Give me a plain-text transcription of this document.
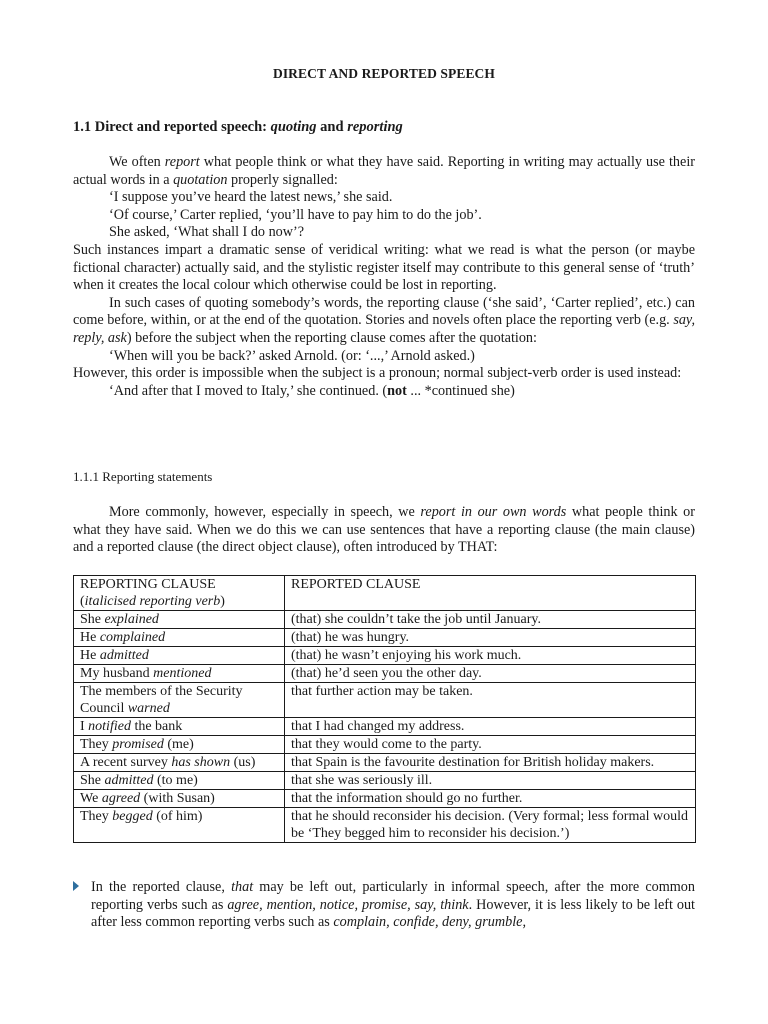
DIRECT AND REPORTED SPEECH
1.1 Direct and reported speech: quoting and reporting

We often report what people think or what they have said. Reporting in writing may actually use their actual words in a quotation properly signalled:

‘I suppose you’ve heard the latest news,’ she said.

‘Of course,’ Carter replied, ‘you’ll have to pay him to do the job’.

She asked, ‘What shall I do now’?

Such instances impart a dramatic sense of veridical writing: what we read is what the person (or maybe fictional character) actually said, and the stylistic register itself may contribute to this general sense of ‘truth’ when it creates the local colour which otherwise could be lost in reporting.

In such cases of quoting somebody’s words, the reporting clause (‘she said’, ‘Carter replied’, etc.) can come before, within, or at the end of the quotation. Stories and novels often place the reporting verb (e.g. say, reply, ask) before the subject when the reporting clause comes after the quotation:

‘When will you be back?’ asked Arnold. (or: ‘...,’ Arnold asked.)

However, this order is impossible when the subject is a pronoun; normal subject-verb order is used instead:

‘And after that I moved to Italy,’ she continued. (not ... *continued she)

1.1.1 Reporting statements

More commonly, however, especially in speech, we report in our own words what people think or what they have said. When we do this we can use sentences that have a reporting clause (the main clause) and a reported clause (the direct object clause), often introduced by THAT:

REPORTING CLAUSE
(italicised reporting verb)	REPORTED CLAUSE
She explained	(that) she couldn’t take the job until January.
He complained	(that) he was hungry.
He admitted	(that) he wasn’t enjoying his work much.
My husband mentioned	(that) he’d seen you the other day.
The members of the Security Council warned	that further action may be taken.
I notified the bank	that I had changed my address.
They promised (me)	that they would come to the party.
A recent survey has shown (us)	that Spain is the favourite destination for British holiday makers.
She admitted (to me)	that she was seriously ill.
We agreed (with Susan)	that the information should go no further.
They begged (of him)	that he should reconsider his decision. (Very formal; less formal would be ‘They begged him to reconsider his decision.’)

In the reported clause, that may be left out, particularly in informal speech, after the more common reporting verbs such as agree, mention, notice, promise, say, think. However, it is less likely to be left out after less common reporting verbs such as complain, confide, deny, grumble,
